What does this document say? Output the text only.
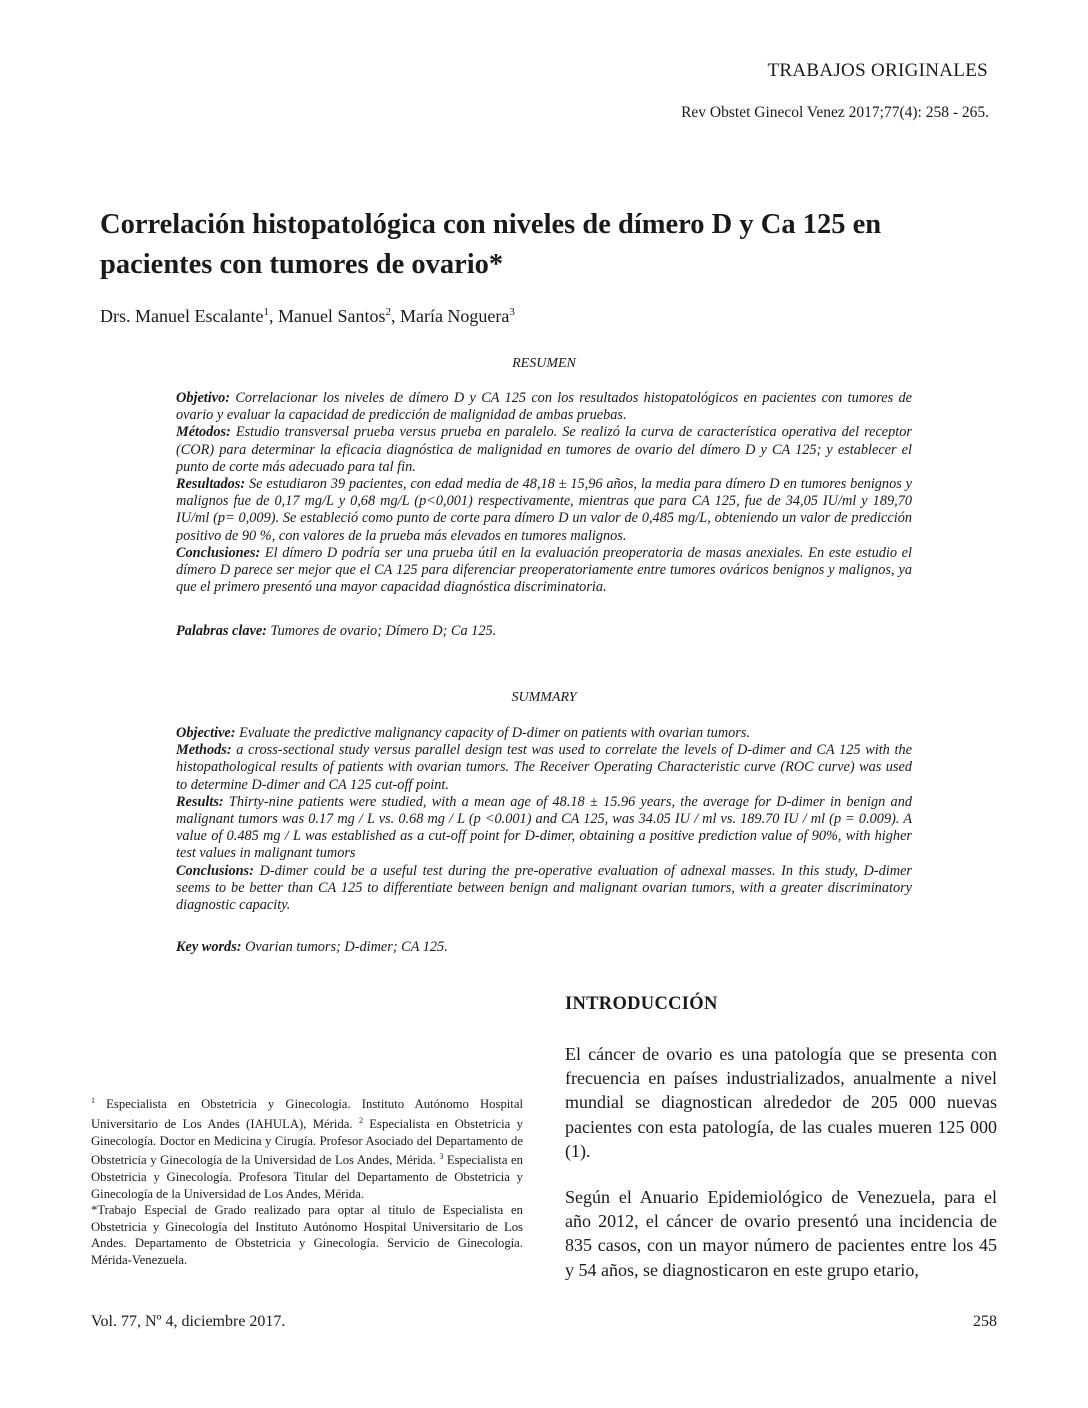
TRABAJOS ORIGINALES
Rev Obstet Ginecol Venez 2017;77(4): 258 - 265.
Correlación histopatológica con niveles de dímero D y Ca 125 en pacientes con tumores de ovario*
Drs. Manuel Escalante$^1$, Manuel Santos$^2$, María Noguera$^3$
RESUMEN

Objetivo: Correlacionar los niveles de dímero D y CA 125 con los resultados histopatológicos en pacientes con tumores de ovario y evaluar la capacidad de predicción de malignidad de ambas pruebas.

Métodos: Estudio transversal prueba versus prueba en paralelo. Se realizó la curva de característica operativa del receptor (COR) para determinar la eficacia diagnóstica de malignidad en tumores de ovario del dímero D y CA 125; y establecer el punto de corte más adecuado para tal fin.

Resultados: Se estudiaron 39 pacientes, con edad media de 48,18 ± 15,96 años, la media para dímero D en tumores benignos y malignos fue de 0,17 mg/L y 0,68 mg/L (p<0,001) respectivamente, mientras que para CA 125, fue de 34,05 IU/ml y 189,70 IU/ml (p= 0,009). Se estableció como punto de corte para dímero D un valor de 0,485 mg/L, obteniendo un valor de predicción positivo de 90 %, con valores de la prueba más elevados en tumores malignos.

Conclusiones: El dímero D podría ser una prueba útil en la evaluación preoperatoria de masas anexiales. En este estudio el dímero D parece ser mejor que el CA 125 para diferenciar preoperatoriamente entre tumores ováricos benignos y malignos, ya que el primero presentó una mayor capacidad diagnóstica discriminatoria.

Palabras clave: Tumores de ovario; Dímero D; Ca 125.

SUMMARY

Objective: Evaluate the predictive malignancy capacity of D-dimer on patients with ovarian tumors.

Methods: a cross-sectional study versus parallel design test was used to correlate the levels of D-dimer and CA 125 with the histopathological results of patients with ovarian tumors. The Receiver Operating Characteristic curve (ROC curve) was used to determine D-dimer and CA 125 cut-off point.

Results: Thirty-nine patients were studied, with a mean age of 48.18 ± 15.96 years, the average for D-dimer in benign and malignant tumors was 0.17 mg / L vs. 0.68 mg / L (p <0.001) and CA 125, was 34.05 IU / ml vs. 189.70 IU / ml (p = 0.009). A value of 0.485 mg / L was established as a cut-off point for D-dimer, obtaining a positive prediction value of 90%, with higher test values in malignant tumors

Conclusions: D-dimer could be a useful test during the pre-operative evaluation of adnexal masses. In this study, D-dimer seems to be better than CA 125 to differentiate between benign and malignant ovarian tumors, with a greater discriminatory diagnostic capacity.

Key words: Ovarian tumors; D-dimer; CA 125.

INTRODUCCIÓN

El cáncer de ovario es una patología que se presenta con frecuencia en países industrializados, anualmente a nivel mundial se diagnostican alrededor de 205 000 nuevas pacientes con esta patología, de las cuales mueren 125 000 (1).

Según el Anuario Epidemiológico de Venezuela, para el año 2012, el cáncer de ovario presentó una incidencia de 835 casos, con un mayor número de pacientes entre los 45 y 54 años, se diagnosticaron en este grupo etario,

$^1$ Especialista en Obstetricia y Ginecología. Instituto Autónomo Hospital Universitario de Los Andes (IAHULA), Mérida. $^2$ Especialista en Obstetricia y Ginecología. Doctor en Medicina y Cirugía. Profesor Asociado del Departamento de Obstetricia y Ginecología de la Universidad de Los Andes, Mérida. $^3$ Especialista en Obstetricia y Ginecología. Profesora Titular del Departamento de Obstetricia y Ginecología de la Universidad de Los Andes, Mérida.

*Trabajo Especial de Grado realizado para optar al título de Especialista en Obstetricia y Ginecología del Instituto Autónomo Hospital Universitario de Los Andes. Departamento de Obstetricia y Ginecología. Servicio de Ginecología. Mérida-Venezuela.

Vol. 77, Nº 4, diciembre 2017.	258
